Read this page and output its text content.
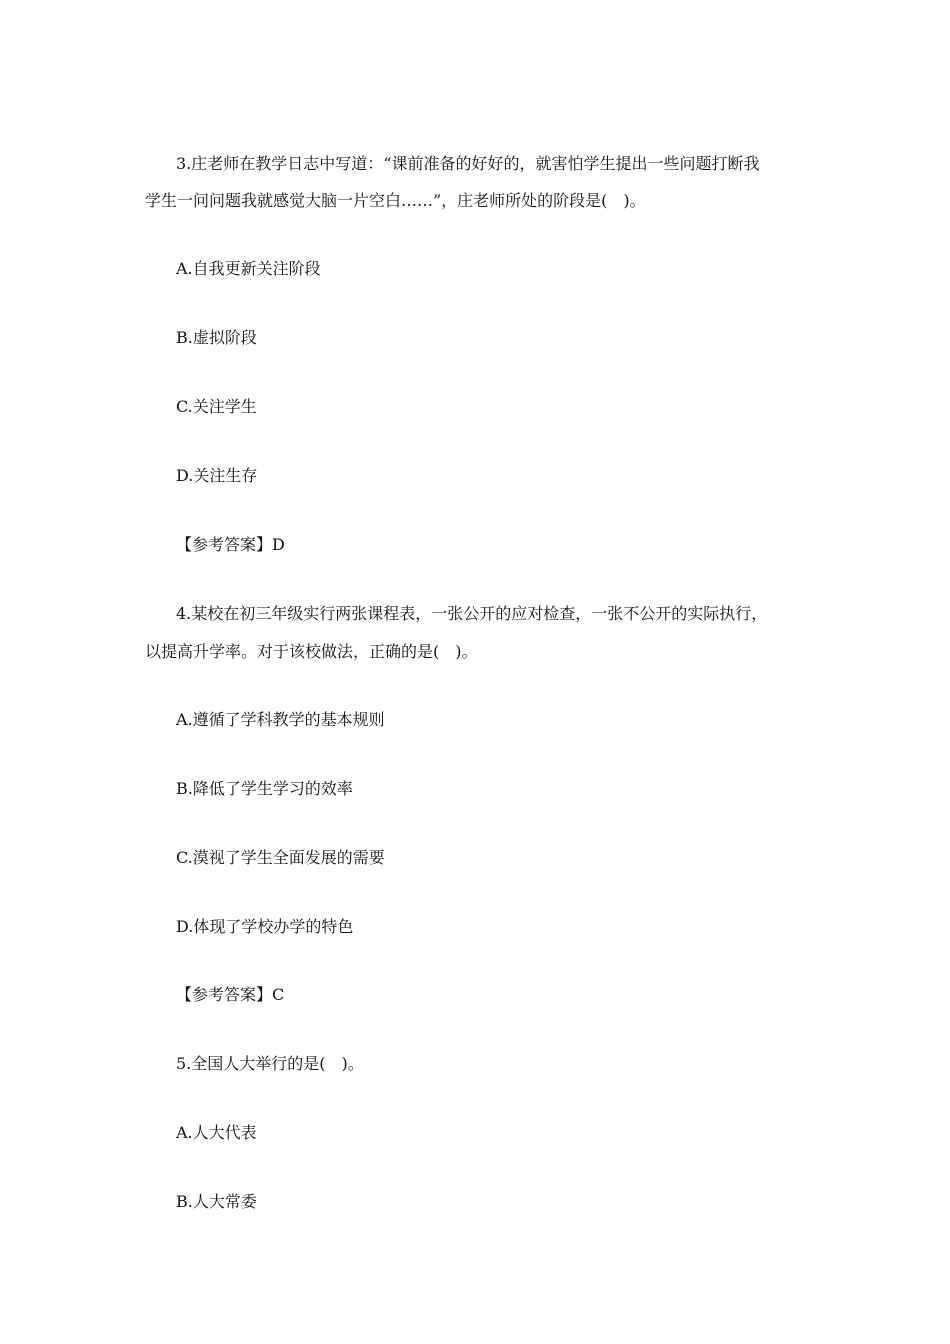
3.庄老师在教学日志中写道：“课前准备的好好的，就害怕学生提出一些问题打断我

学生一问问题我就感觉大脑一片空白……”，庄老师所处的阶段是(　)。

A.自我更新关注阶段

B.虚拟阶段

C.关注学生

D.关注生存

【参考答案】D

4.某校在初三年级实行两张课程表，一张公开的应对检查，一张不公开的实际执行，

以提高升学率。对于该校做法，正确的是(　)。

A.遵循了学科教学的基本规则

B.降低了学生学习的效率

C.漠视了学生全面发展的需要

D.体现了学校办学的特色

【参考答案】C

5.全国人大举行的是(　)。

A.人大代表

B.人大常委
